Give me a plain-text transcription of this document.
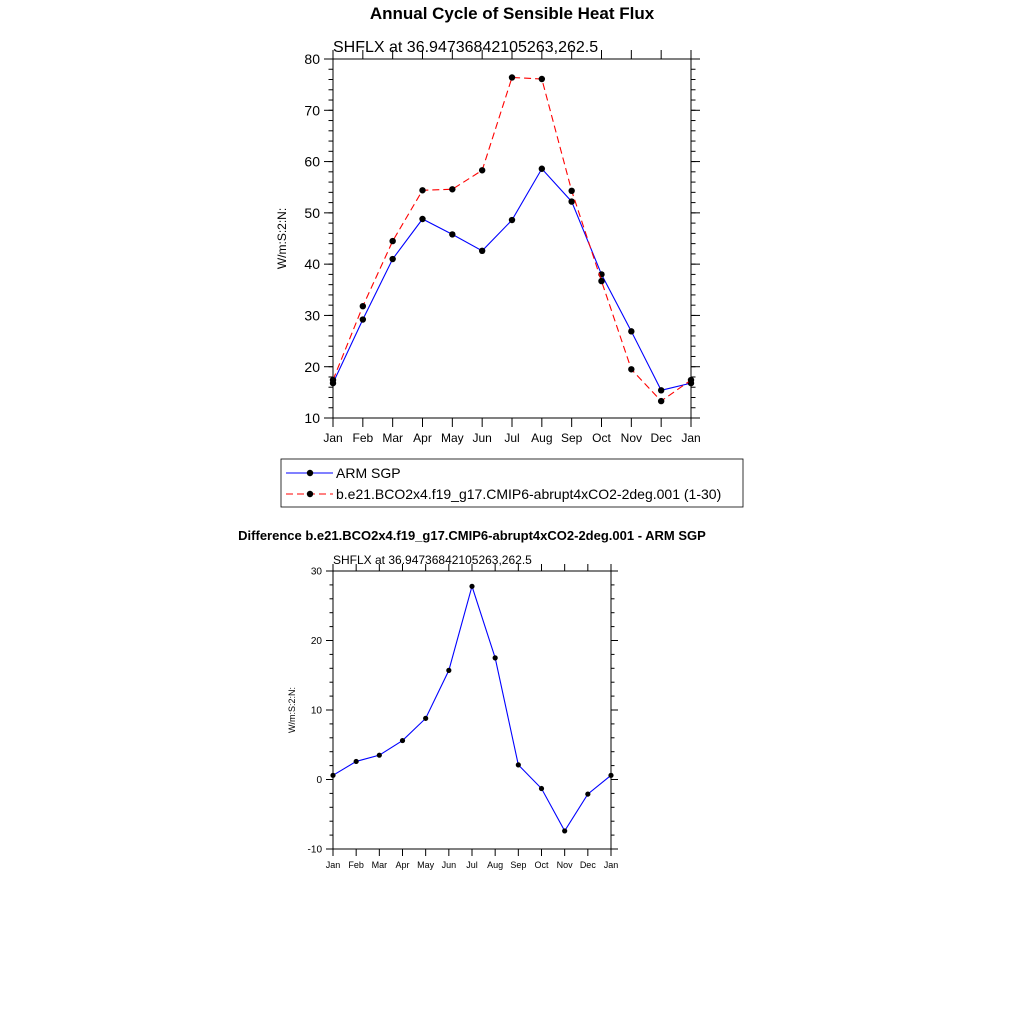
Annual Cycle of Sensible Heat Flux
SHFLX at 36.94736842105263,262.5
W/m:S:2:N:
10
20
30
40
50
60
70
80
Jan Feb Mar Apr May Jun Jul Aug Sep Oct Nov Dec Jan
ARM SGP
b.e21.BCO2x4.f19_g17.CMIP6-abrupt4xCO2-2deg.001 (1-30)
Difference b.e21.BCO2x4.f19_g17.CMIP6-abrupt4xCO2-2deg.001 - ARM SGP
SHFLX at 36.94736842105263,262.5
W/m:S:2:N:
-10
0
10
20
30
Jan Feb Mar Apr May Jun Jul Aug Sep Oct Nov Dec Jan
